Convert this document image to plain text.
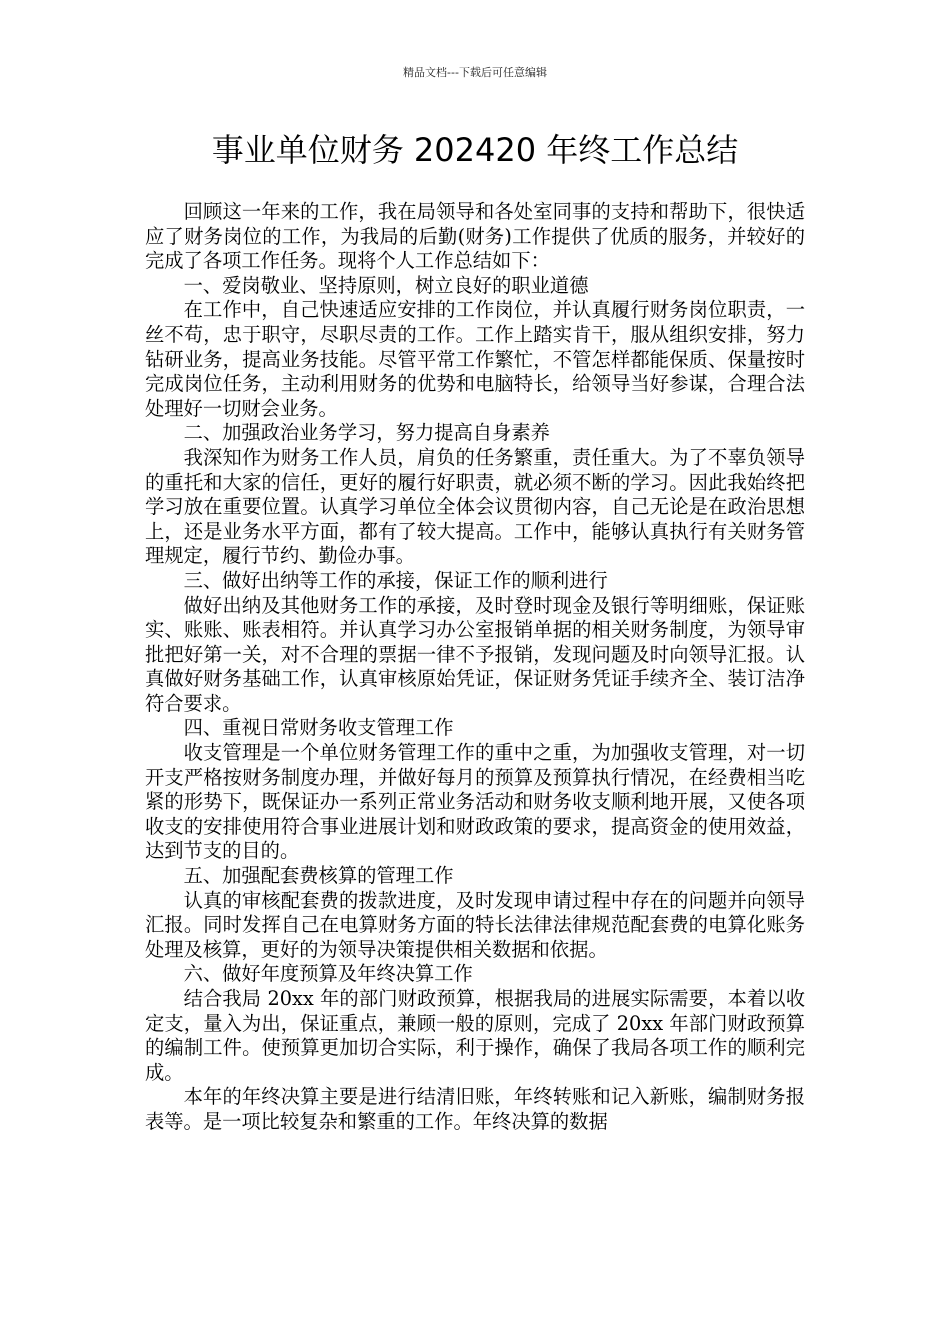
精品文档---下载后可任意编辑
事业单位财务 202420 年终工作总结

回顾这一年来的工作，我在局领导和各处室同事的支持和帮助下，很快适应了财务岗位的工作，为我局的后勤(财务)工作提供了优质的服务，并较好的完成了各项工作任务。现将个人工作总结如下：

一、爱岗敬业、坚持原则，树立良好的职业道德

在工作中，自己快速适应安排的工作岗位，并认真履行财务岗位职责，一丝不苟，忠于职守，尽职尽责的工作。工作上踏实肯干，服从组织安排，努力钻研业务，提高业务技能。尽管平常工作繁忙，不管怎样都能保质、保量按时完成岗位任务，主动利用财务的优势和电脑特长，给领导当好参谋，合理合法处理好一切财会业务。

二、加强政治业务学习，努力提高自身素养

我深知作为财务工作人员，肩负的任务繁重，责任重大。为了不辜负领导的重托和大家的信任，更好的履行好职责，就必须不断的学习。因此我始终把学习放在重要位置。认真学习单位全体会议贯彻内容，自己无论是在政治思想上，还是业务水平方面，都有了较大提高。工作中，能够认真执行有关财务管理规定，履行节约、勤俭办事。

三、做好出纳等工作的承接，保证工作的顺利进行

做好出纳及其他财务工作的承接，及时登时现金及银行等明细账，保证账实、账账、账表相符。并认真学习办公室报销单据的相关财务制度，为领导审批把好第一关，对不合理的票据一律不予报销，发现问题及时向领导汇报。认真做好财务基础工作，认真审核原始凭证，保证财务凭证手续齐全、装订洁净符合要求。

四、重视日常财务收支管理工作

收支管理是一个单位财务管理工作的重中之重，为加强收支管理，对一切开支严格按财务制度办理，并做好每月的预算及预算执行情况，在经费相当吃紧的形势下，既保证办一系列正常业务活动和财务收支顺利地开展，又使各项收支的安排使用符合事业进展计划和财政政策的要求，提高资金的使用效益，达到节支的目的。

五、加强配套费核算的管理工作

认真的审核配套费的拨款进度，及时发现申请过程中存在的问题并向领导汇报。同时发挥自己在电算财务方面的特长法律法律规范配套费的电算化账务处理及核算，更好的为领导决策提供相关数据和依据。

六、做好年度预算及年终决算工作

结合我局 20xx 年的部门财政预算，根据我局的进展实际需要，本着以收定支，量入为出，保证重点，兼顾一般的原则，完成了 20xx 年部门财政预算的编制工件。使预算更加切合实际，利于操作，确保了我局各项工作的顺利完成。

本年的年终决算主要是进行结清旧账，年终转账和记入新账，编制财务报表等。是一项比较复杂和繁重的工作。年终决算的数据
